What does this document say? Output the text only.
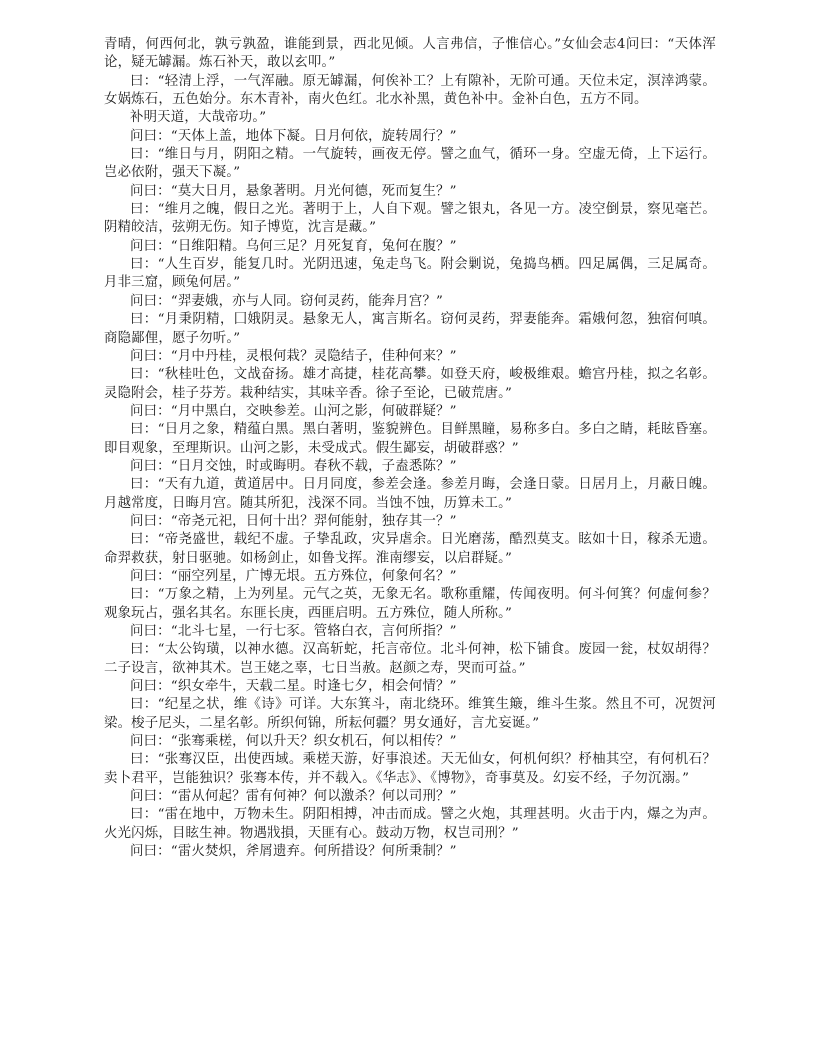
青晴，何西何北，孰亏孰盈，谁能到景，西北见倾。人言弗信，子惟信心。”女仙会志4问曰：“天体浑论，疑无罅漏。炼石补天，敢以玄叩。”

曰：“轻清上浮，一气浑融。原无罅漏，何俟补工？上有隙补，无阶可通。天位未定，溟涬鸿蒙。女娲炼石，五色始分。东木青补，南火色红。北水补黑，黄色补中。金补白色，五方不同。

补明天道，大哉帝功。”

问曰：“天体上盖，地体下凝。日月何依，旋转周行？”

曰：“维日与月，阴阳之精。一气旋转，画夜无停。譬之血气，循环一身。空虚无倚，上下运行。岂必依附，强天下凝。”

问曰：“莫大日月，悬象著明。月光何德，死而复生？”

曰：“维月之魄，假日之光。著明于上，人自下观。譬之银丸，各见一方。凌空倒景，察见毫芒。阴精皎洁，弦朔无伤。知子博览，沈言是藏。”

问曰：“日维阳精。乌何三足？月死复育，兔何在腹？”

曰：“人生百岁，能复几时。光阴迅速，兔走鸟飞。附会剿说，兔捣鸟栖。四足属偶，三足属奇。月非三窟，顾兔何居。”

问曰：“羿妻娥，亦与人同。窃何灵药，能奔月宫？”

曰：“月秉阴精，囗娥阴灵。悬象无人，寓言斯名。窃何灵药，羿妻能奔。霜娥何忽，独宿何嗔。商隐鄙俚，愿子勿听。”

问曰：“月中丹桂，灵根何栽？灵隐结子，佳种何来？”

曰：“秋桂吐色，文战奋扬。雄才高捷，桂花高攀。如登天府，峻极维艰。蟾宫丹桂，拟之名彰。灵隐附会，桂子芬芳。栽种结实，其味辛香。徐子至论，已破荒唐。”

问曰：“月中黑白，交映参差。山河之影，何破群疑？”

曰：“日月之象，精蕴白黑。黑白著明，鉴貌辨色。目鲜黑瞳，易称多白。多白之睛，耗眩昏塞。即目观象，至理斯识。山河之影，未受成式。假生鄙妄，胡破群惑？”

问曰：“日月交蚀，时或晦明。春秋不载，子盍悉陈？”

曰：“天有九道，黄道居中。日月同度，参差会逢。参差月晦，会逢日蒙。日居月上，月蔽日魄。月越常度，日晦月宫。随其所犯，浅深不同。当蚀不蚀，历算未工。”

问曰：“帝尧元祀，日何十出？羿何能射，独存其一？”

曰：“帝尧盛世，载纪不虚。子挚乱政，灾异虐余。日光磨荡，酷烈莫支。眩如十日，稼杀无遗。命羿救获，射日驱驰。如杨剑止，如鲁戈挥。淮南缪妄，以启群疑。”

问曰：“丽空列星，广博无垠。五方殊位，何象何名？”

曰：“万象之精，上为列星。元气之英，无象无名。歌称重耀，传闻夜明。何斗何箕？何虚何参？观象玩占，强名其名。东匪长庚，西匪启明。五方殊位，随人所称。”

问曰：“北斗七星，一行七豕。管辂白衣，言何所指？”

曰：“太公钩璜，以神水德。汉高斩蛇，托言帝位。北斗何神，松下铺食。废园一瓮，杖奴胡得？二子设言，欲神其术。岂王姥之辜，七日当赦。赵颜之寿，哭而可益。”

问曰：“织女牵牛，天载二星。时逢七夕，相会何情？”

曰：“纪星之状，维《诗》可详。大东箕斗，南北绕环。维箕生簸，维斗生浆。然且不可，况贺河梁。梭子尼头，二星名彰。所织何锦，所耘何疆？男女通好，言尤妄诞。”

问曰：“张骞乘槎，何以升天？织女机石，何以相传？”

曰：“张骞汉臣，出使西域。乘槎天游，好事浪述。天无仙女，何机何织？杼柚其空，有何机石？卖卜君平，岂能独识？张骞本传，并不载入。《华志》、《博物》，奇事莫及。幻妄不经，子勿沉溺。”

问曰：“雷从何起？雷有何神？何以激杀？何以司刑？”

曰：“雷在地中，万物未生。阴阳相搏，冲击而成。譬之火炮，其理甚明。火击于内，爆之为声。火光闪烁，目眩生神。物遇戕損，天匪有心。鼓动万物，权岂司刑？”

问曰：“雷火焚炽，斧屑遗弃。何所措设？何所秉制？”
